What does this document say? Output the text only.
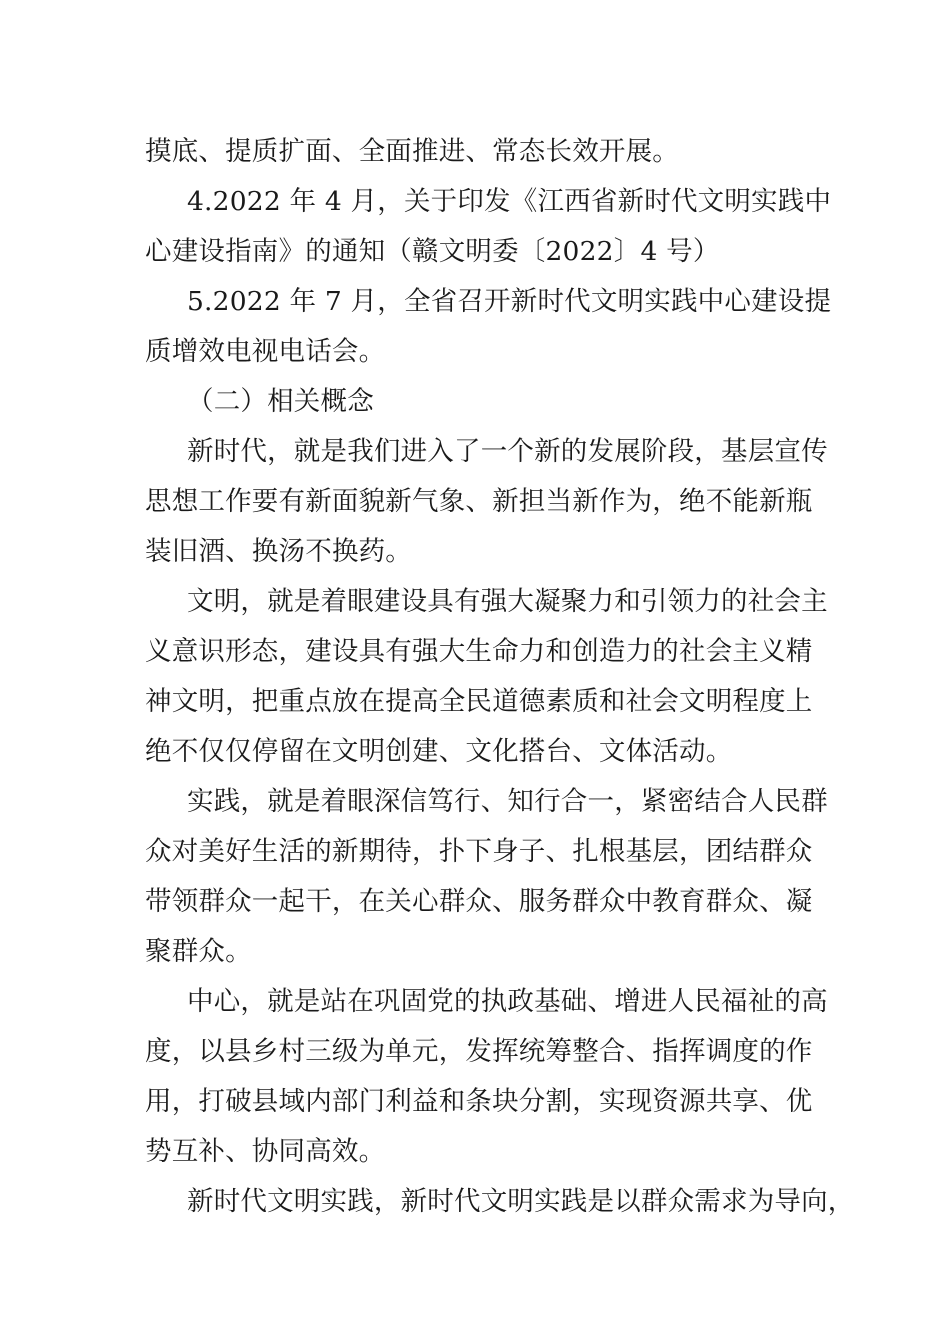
摸底、提质扩面、全面推进、常态长效开展。
4.2022 年 4 月，关于印发《江西省新时代文明实践中
心建设指南》的通知（赣文明委〔2022〕4 号）
5.2022 年 7 月，全省召开新时代文明实践中心建设提
质增效电视电话会。
（二）相关概念
新时代，就是我们进入了一个新的发展阶段，基层宣传
思想工作要有新面貌新气象、新担当新作为，绝不能新瓶
装旧酒、换汤不换药。
文明，就是着眼建设具有强大凝聚力和引领力的社会主
义意识形态，建设具有强大生命力和创造力的社会主义精
神文明，把重点放在提高全民道德素质和社会文明程度上
绝不仅仅停留在文明创建、文化搭台、文体活动。
实践，就是着眼深信笃行、知行合一，紧密结合人民群
众对美好生活的新期待，扑下身子、扎根基层，团结群众
带领群众一起干，在关心群众、服务群众中教育群众、凝
聚群众。
中心，就是站在巩固党的执政基础、增进人民福祉的高
度，以县乡村三级为单元，发挥统筹整合、指挥调度的作
用，打破县域内部门利益和条块分割，实现资源共享、优
势互补、协同高效。
新时代文明实践，新时代文明实践是以群众需求为导向，
